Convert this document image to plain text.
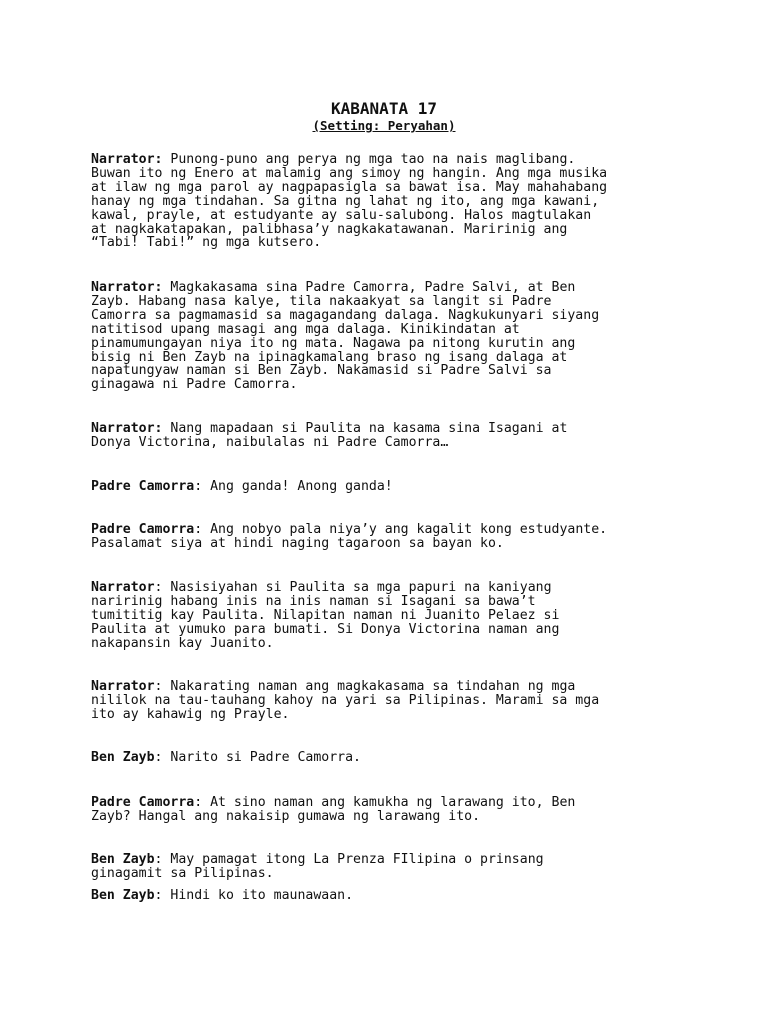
KABANATA 17
(Setting: Peryahan)
Narrator: Punong-puno ang perya ng mga tao na nais maglibang.
Buwan ito ng Enero at malamig ang simoy ng hangin. Ang mga musika
at ilaw ng mga parol ay nagpapasigla sa bawat isa. May mahahabang
hanay ng mga tindahan. Sa gitna ng lahat ng ito, ang mga kawani,
kawal, prayle, at estudyante ay salu-salubong. Halos magtulakan
at nagkakatapakan, palibhasa’y nagkakatawanan. Maririnig ang
“Tabi! Tabi!” ng mga kutsero.
Narrator: Magkakasama sina Padre Camorra, Padre Salvi, at Ben
Zayb. Habang nasa kalye, tila nakaakyat sa langit si Padre
Camorra sa pagmamasid sa magagandang dalaga. Nagkukunyari siyang
natitisod upang masagi ang mga dalaga. Kinikindatan at
pinamumungayan niya ito ng mata. Nagawa pa nitong kurutin ang
bisig ni Ben Zayb na ipinagkamalang braso ng isang dalaga at
napatungyaw naman si Ben Zayb. Nakamasid si Padre Salvi sa
ginagawa ni Padre Camorra.
Narrator: Nang mapadaan si Paulita na kasama sina Isagani at
Donya Victorina, naibulalas ni Padre Camorra…
Padre Camorra: Ang ganda! Anong ganda!
Padre Camorra: Ang nobyo pala niya’y ang kagalit kong estudyante.
Pasalamat siya at hindi naging tagaroon sa bayan ko.
Narrator: Nasisiyahan si Paulita sa mga papuri na kaniyang
naririnig habang inis na inis naman si Isagani sa bawa’t
tumititig kay Paulita. Nilapitan naman ni Juanito Pelaez si
Paulita at yumuko para bumati. Si Donya Victorina naman ang
nakapansin kay Juanito.
Narrator: Nakarating naman ang magkakasama sa tindahan ng mga
nililok na tau-tauhang kahoy na yari sa Pilipinas. Marami sa mga
ito ay kahawig ng Prayle.
Ben Zayb: Narito si Padre Camorra.
Padre Camorra: At sino naman ang kamukha ng larawang ito, Ben
Zayb? Hangal ang nakaisip gumawa ng larawang ito.
Ben Zayb: May pamagat itong La Prenza FIlipina o prinsang
ginagamit sa Pilipinas.
Ben Zayb: Hindi ko ito maunawaan.
